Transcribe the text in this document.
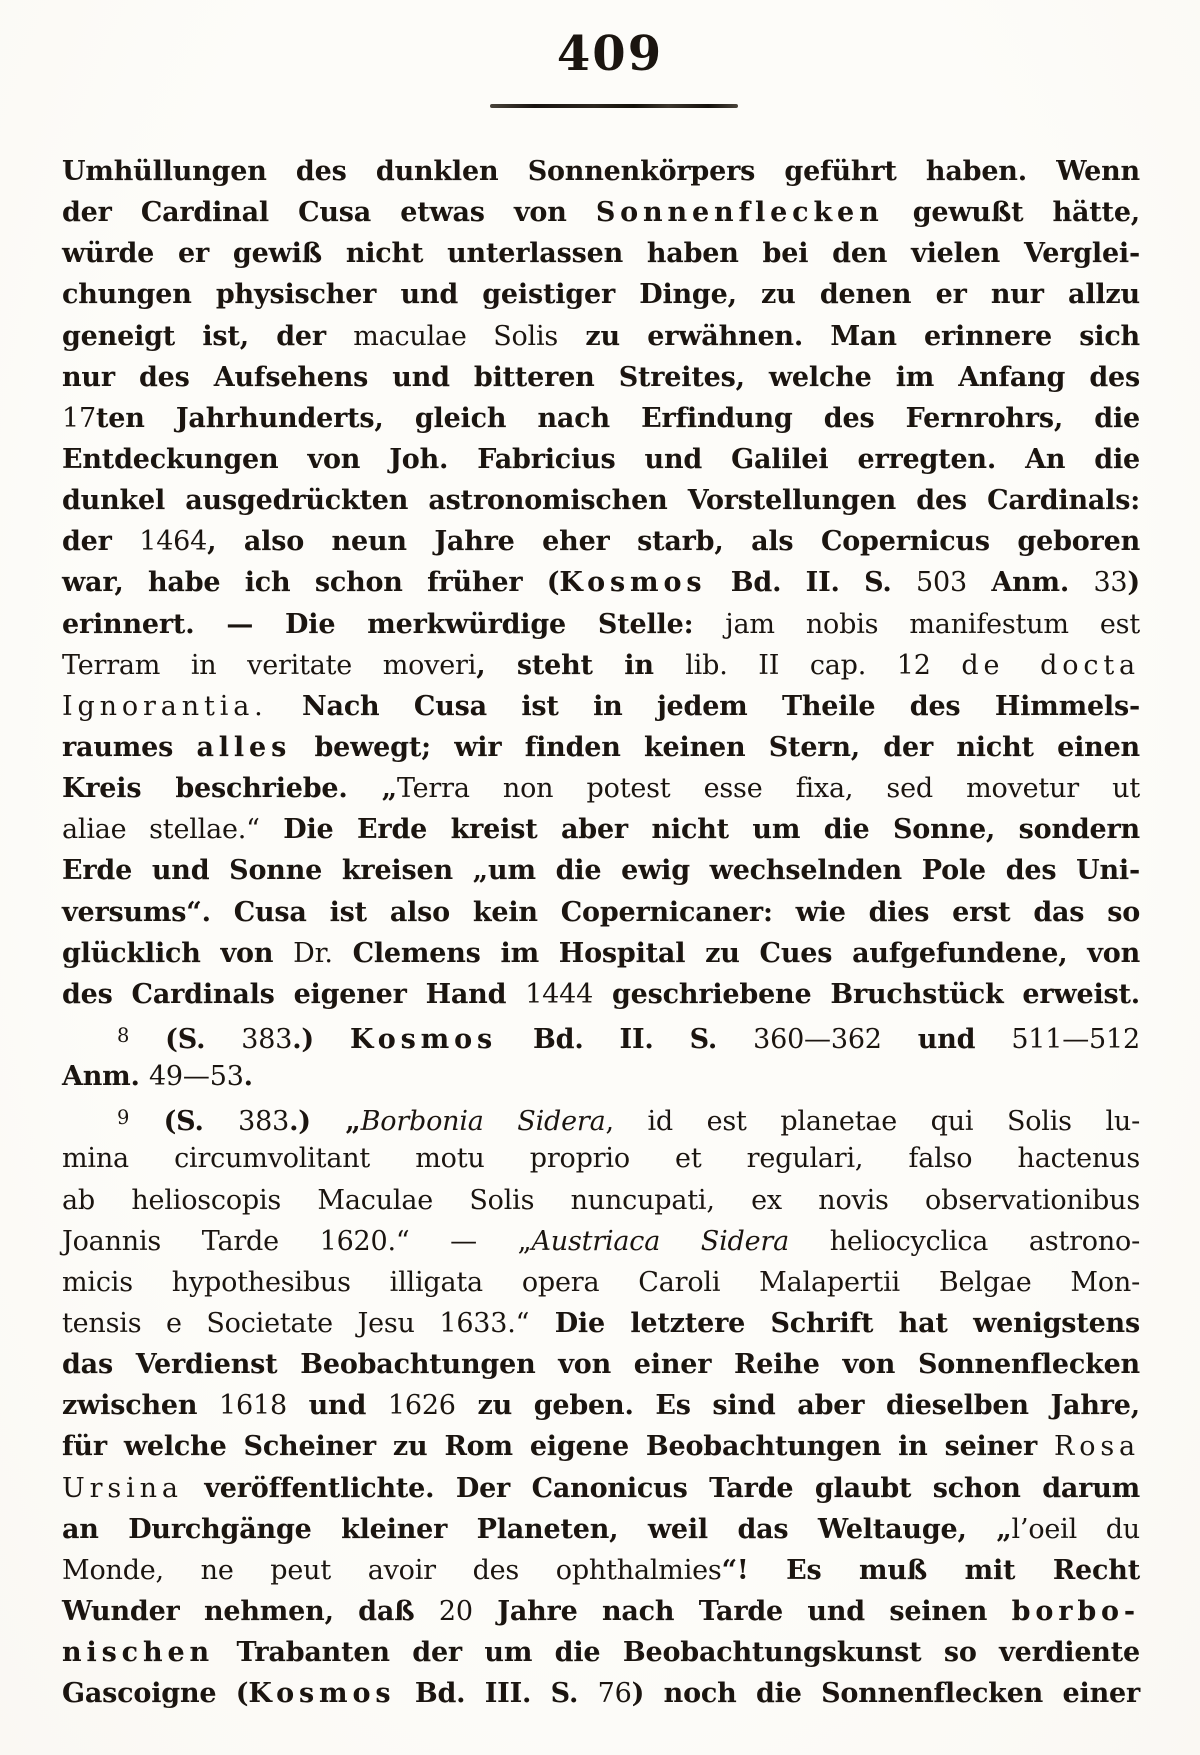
409
Umhüllungen des dunklen Sonnenkörpers geführt haben. Wenn
der Cardinal Cusa etwas von Sonnenflecken gewußt hätte,
würde er gewiß nicht unterlassen haben bei den vielen Verglei-
chungen physischer und geistiger Dinge, zu denen er nur allzu
geneigt ist, der maculae Solis zu erwähnen. Man erinnere sich
nur des Aufsehens und bitteren Streites, welche im Anfang des
17ten Jahrhunderts, gleich nach Erfindung des Fernrohrs, die
Entdeckungen von Joh. Fabricius und Galilei erregten. An die
dunkel ausgedrückten astronomischen Vorstellungen des Cardinals:
der 1464, also neun Jahre eher starb, als Copernicus geboren
war, habe ich schon früher (Kosmos Bd. II. S. 503 Anm. 33)
erinnert. — Die merkwürdige Stelle: jam nobis manifestum est
Terram in veritate moveri, steht in lib. II cap. 12 de docta
Ignorantia. Nach Cusa ist in jedem Theile des Himmels-
raumes alles bewegt; wir finden keinen Stern, der nicht einen
Kreis beschriebe. „Terra non potest esse fixa, sed movetur ut
aliae stellae.“ Die Erde kreist aber nicht um die Sonne, sondern
Erde und Sonne kreisen „um die ewig wechselnden Pole des Uni-
versums“. Cusa ist also kein Copernicaner: wie dies erst das so
glücklich von Dr. Clemens im Hospital zu Cues aufgefundene, von
des Cardinals eigener Hand 1444 geschriebene Bruchstück erweist.
$^8$ (S. 383.) Kosmos Bd. II. S. 360—362 und 511—512
Anm. 49—53.
$^9$ (S. 383.) „Borbonia Sidera, id est planetae qui Solis lu-
mina circumvolitant motu proprio et regulari, falso hactenus
ab helioscopis Maculae Solis nuncupati, ex novis observationibus
Joannis Tarde 1620.“ — „Austriaca Sidera heliocyclica astrono-
micis hypothesibus illigata opera Caroli Malapertii Belgae Mon-
tensis e Societate Jesu 1633.“ Die letztere Schrift hat wenigstens
das Verdienst Beobachtungen von einer Reihe von Sonnenflecken
zwischen 1618 und 1626 zu geben. Es sind aber dieselben Jahre,
für welche Scheiner zu Rom eigene Beobachtungen in seiner Rosa
Ursina veröffentlichte. Der Canonicus Tarde glaubt schon darum
an Durchgänge kleiner Planeten, weil das Weltauge, „l’oeil du
Monde, ne peut avoir des ophthalmies“! Es muß mit Recht
Wunder nehmen, daß 20 Jahre nach Tarde und seinen borbo-
nischen Trabanten der um die Beobachtungskunst so verdiente
Gascoigne (Kosmos Bd. III. S. 76) noch die Sonnenflecken einer
